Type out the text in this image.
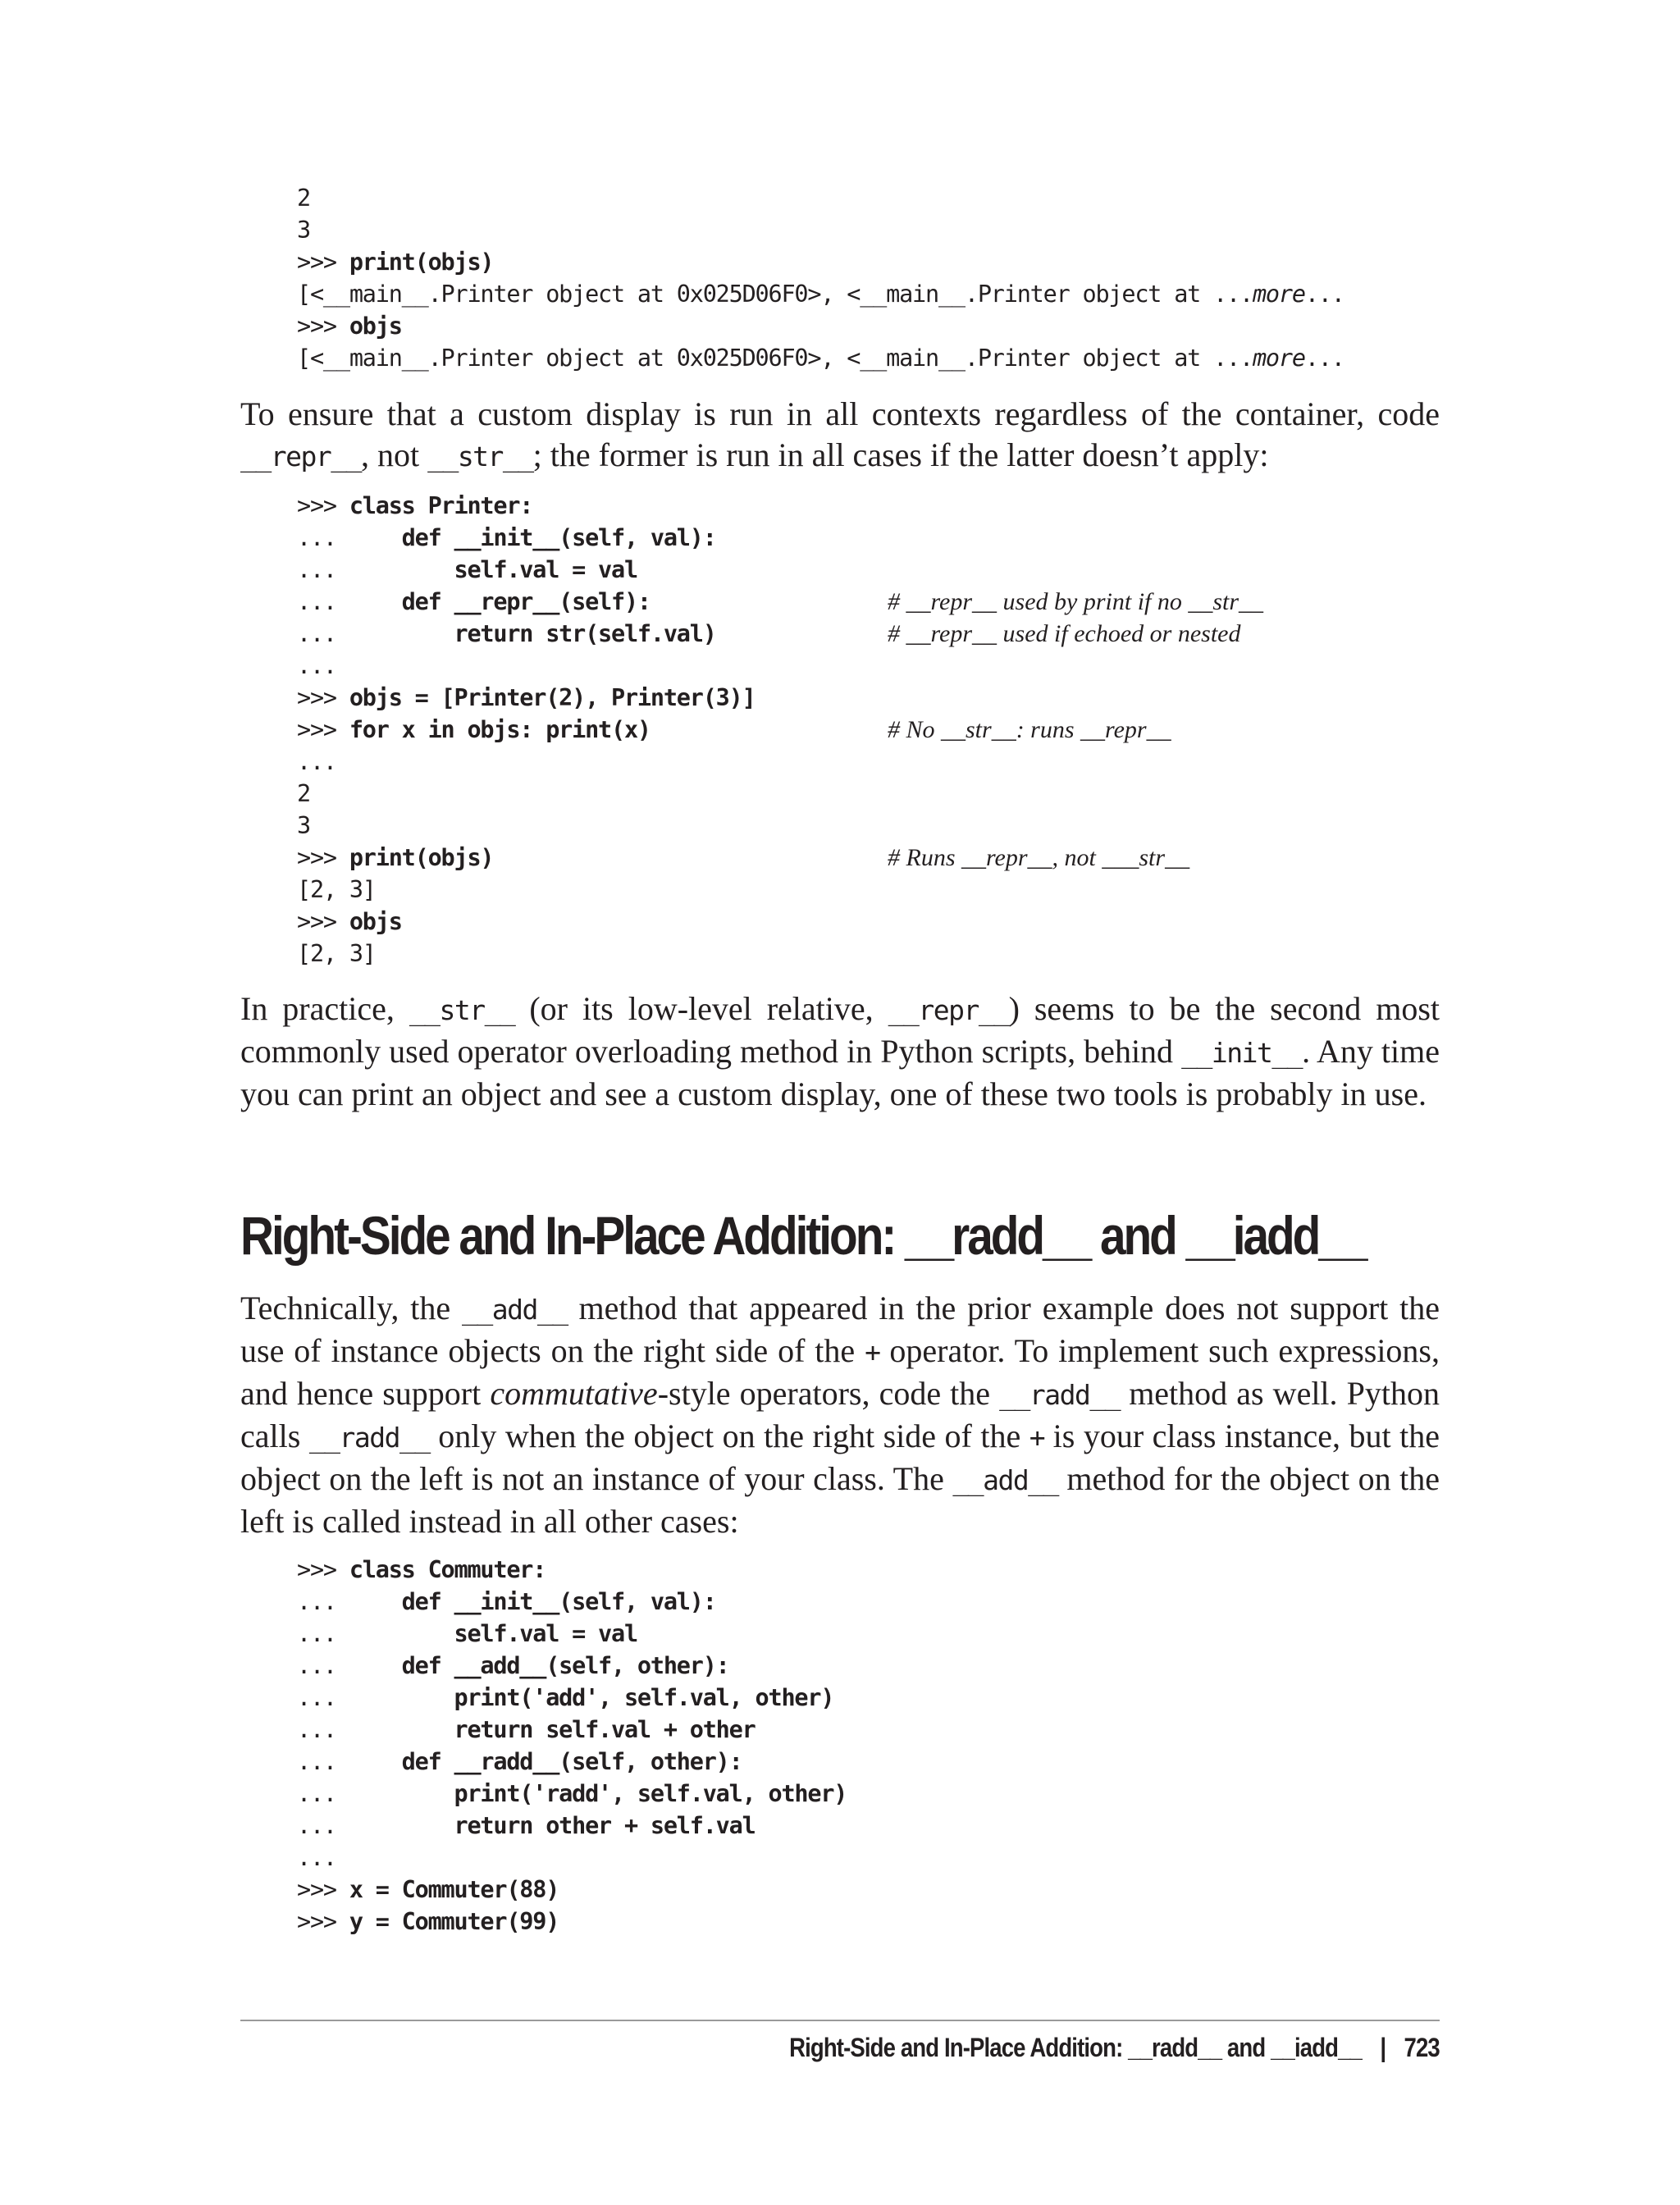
2
3
>>> print(objs)
[<__main__.Printer object at 0x025D06F0>, <__main__.Printer object at ...more...
>>> objs
[<__main__.Printer object at 0x025D06F0>, <__main__.Printer object at ...more...

To ensure that a custom display is run in all contexts regardless of the container, code __repr__, not __str__; the former is run in all cases if the latter doesn’t apply:

>>> class Printer:
...     def __init__(self, val):
...         self.val = val
...     def __repr__(self):	# __repr__ used by print if no __str__
...         return str(self.val)	# __repr__ used if echoed or nested
...
>>> objs = [Printer(2), Printer(3)]
>>> for x in objs: print(x)	# No __str__: runs __repr__
...
2
3
>>> print(objs)	# Runs __repr__, not ___str__
[2, 3]
>>> objs
[2, 3]

In practice, __str__ (or its low-level relative, __repr__) seems to be the second most commonly used operator overloading method in Python scripts, behind __init__. Any time you can print an object and see a custom display, one of these two tools is probably in use.

Right-Side and In-Place Addition: __radd__ and __iadd__

Technically, the __add__ method that appeared in the prior example does not support the use of instance objects on the right side of the + operator. To implement such expressions, and hence support commutative-style operators, code the __radd__ method as well. Python calls __radd__ only when the object on the right side of the + is your class instance, but the object on the left is not an instance of your class. The __add__ method for the object on the left is called instead in all other cases:

>>> class Commuter:
...     def __init__(self, val):
...         self.val = val
...     def __add__(self, other):
...         print('add', self.val, other)
...         return self.val + other
...     def __radd__(self, other):
...         print('radd', self.val, other)
...         return other + self.val
...
>>> x = Commuter(88)
>>> y = Commuter(99)
Right-Side and In-Place Addition: __radd__ and __iadd__ | 723
